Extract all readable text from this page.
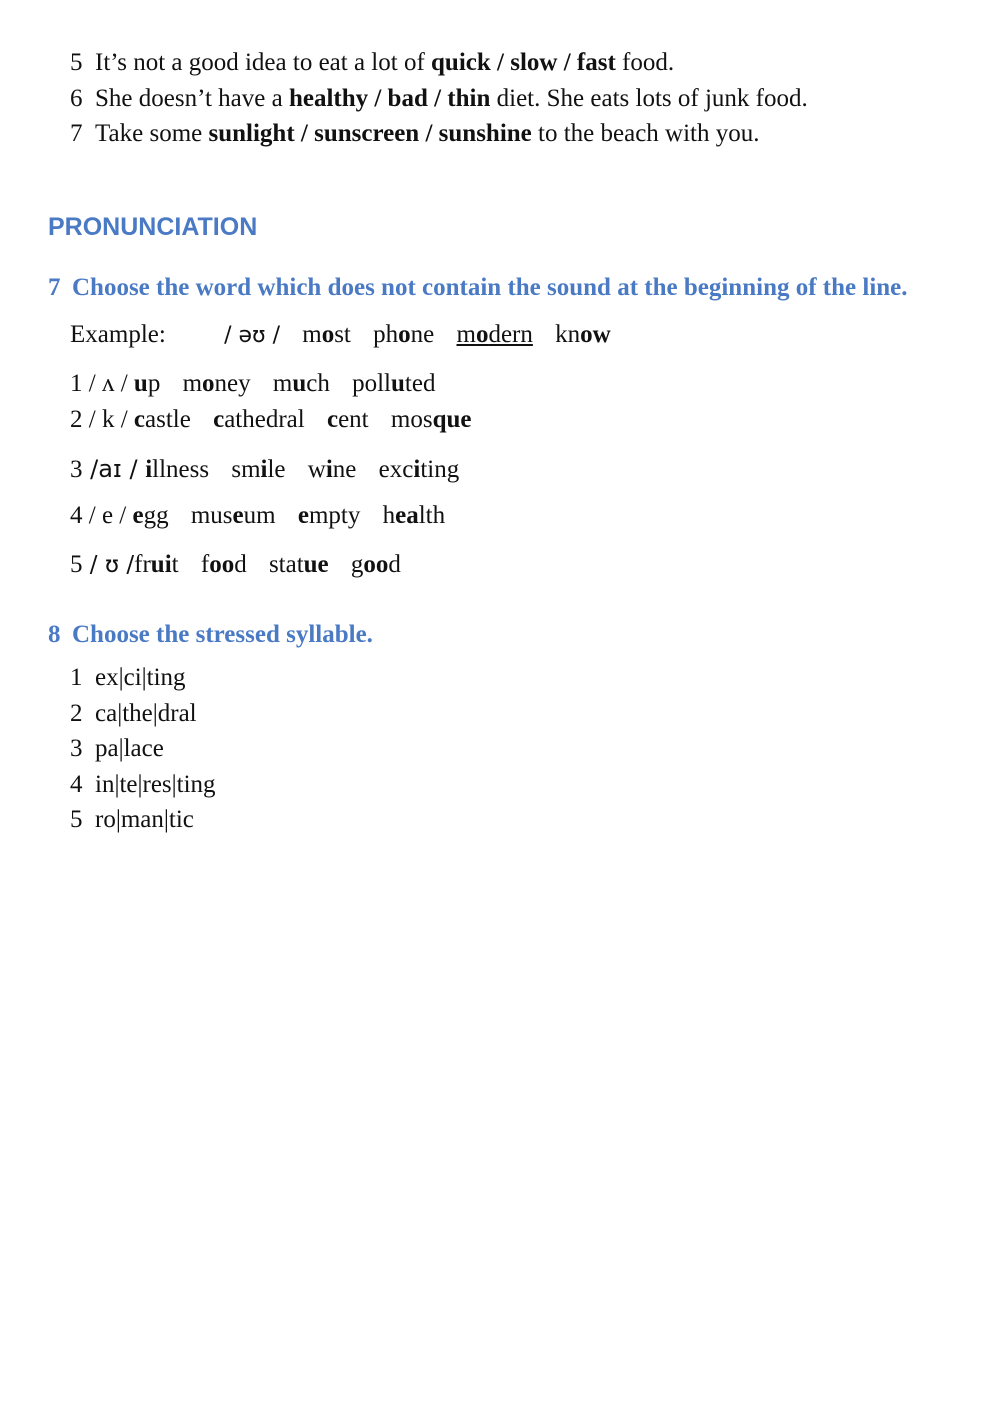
5 It’s not a good idea to eat a lot of quick / slow / fast food.
6 She doesn’t have a healthy / bad / thin diet. She eats lots of junk food.
7 Take some sunlight / sunscreen / sunshine to the beach with you.
PRONUNCIATION
7 Choose the word which does not contain the sound at the beginning of the line.
Example:	/ əʊ / most phone modern know
1 / ʌ / up money much polluted
2 / k / castle cathedral cent mosque
3 /aɪ / illness smile wine exciting
4 / e / egg museum empty health
5 / ʊ /fruit food statue good
8 Choose the stressed syllable.
1 ex|ci|ting
2 ca|the|dral
3 pa|lace
4 in|te|res|ting
5 ro|man|tic
